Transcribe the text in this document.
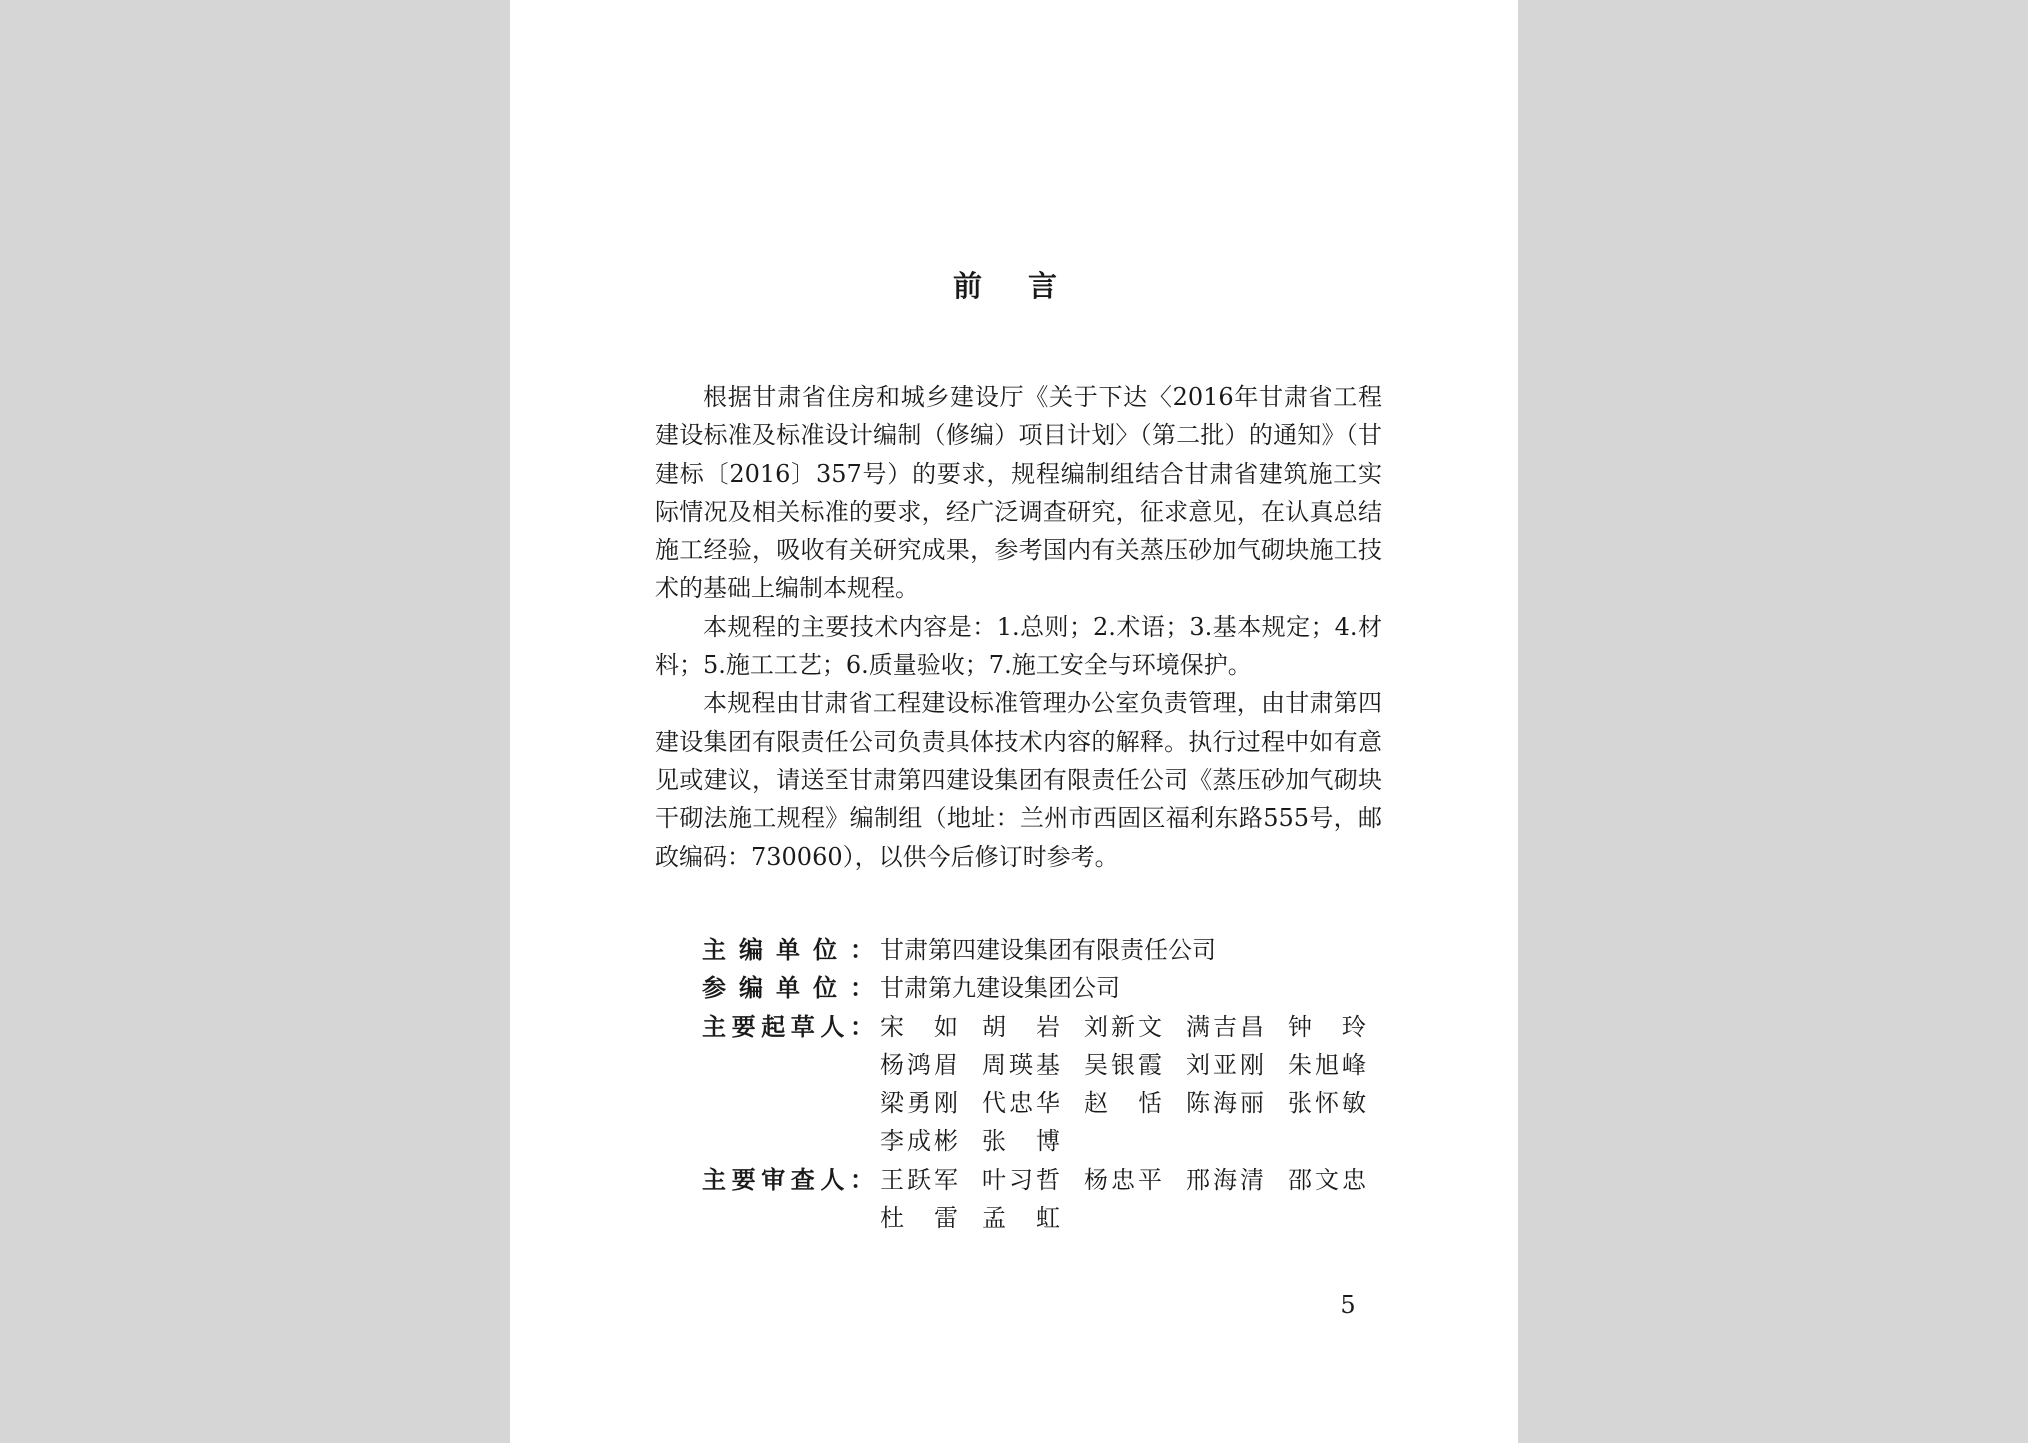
前 言

根据甘肃省住房和城乡建设厅《关于下达〈2016年甘肃省工程建设标准及标准设计编制（修编）项目计划〉（第二批）的通知》（甘建标〔2016〕357号）的要求，规程编制组结合甘肃省建筑施工实际情况及相关标准的要求，经广泛调查研究，征求意见，在认真总结施工经验，吸收有关研究成果，参考国内有关蒸压砂加气砌块施工技术的基础上编制本规程。

本规程的主要技术内容是：1.总则；2.术语；3.基本规定；4.材料；5.施工工艺；6.质量验收；7.施工安全与环境保护。

本规程由甘肃省工程建设标准管理办公室负责管理，由甘肃第四建设集团有限责任公司负责具体技术内容的解释。执行过程中如有意见或建议，请送至甘肃第四建设集团有限责任公司《蒸压砂加气砌块干砌法施工规程》编制组（地址：兰州市西固区福利东路555号，邮政编码：730060），以供今后修订时参考。

主编单位： 甘肃第四建设集团有限责任公司
参编单位： 甘肃第九建设集团公司
主要起草人： 宋如 胡岩 刘新文 满吉昌 钟玲
杨鸿眉 周瑛基 吴银霞 刘亚刚 朱旭峰
梁勇刚 代忠华 赵恬 陈海丽 张怀敏
李成彬 张博
主要审查人： 王跃军 叶习哲 杨忠平 邢海清 邵文忠
杜雷 孟虹
5
